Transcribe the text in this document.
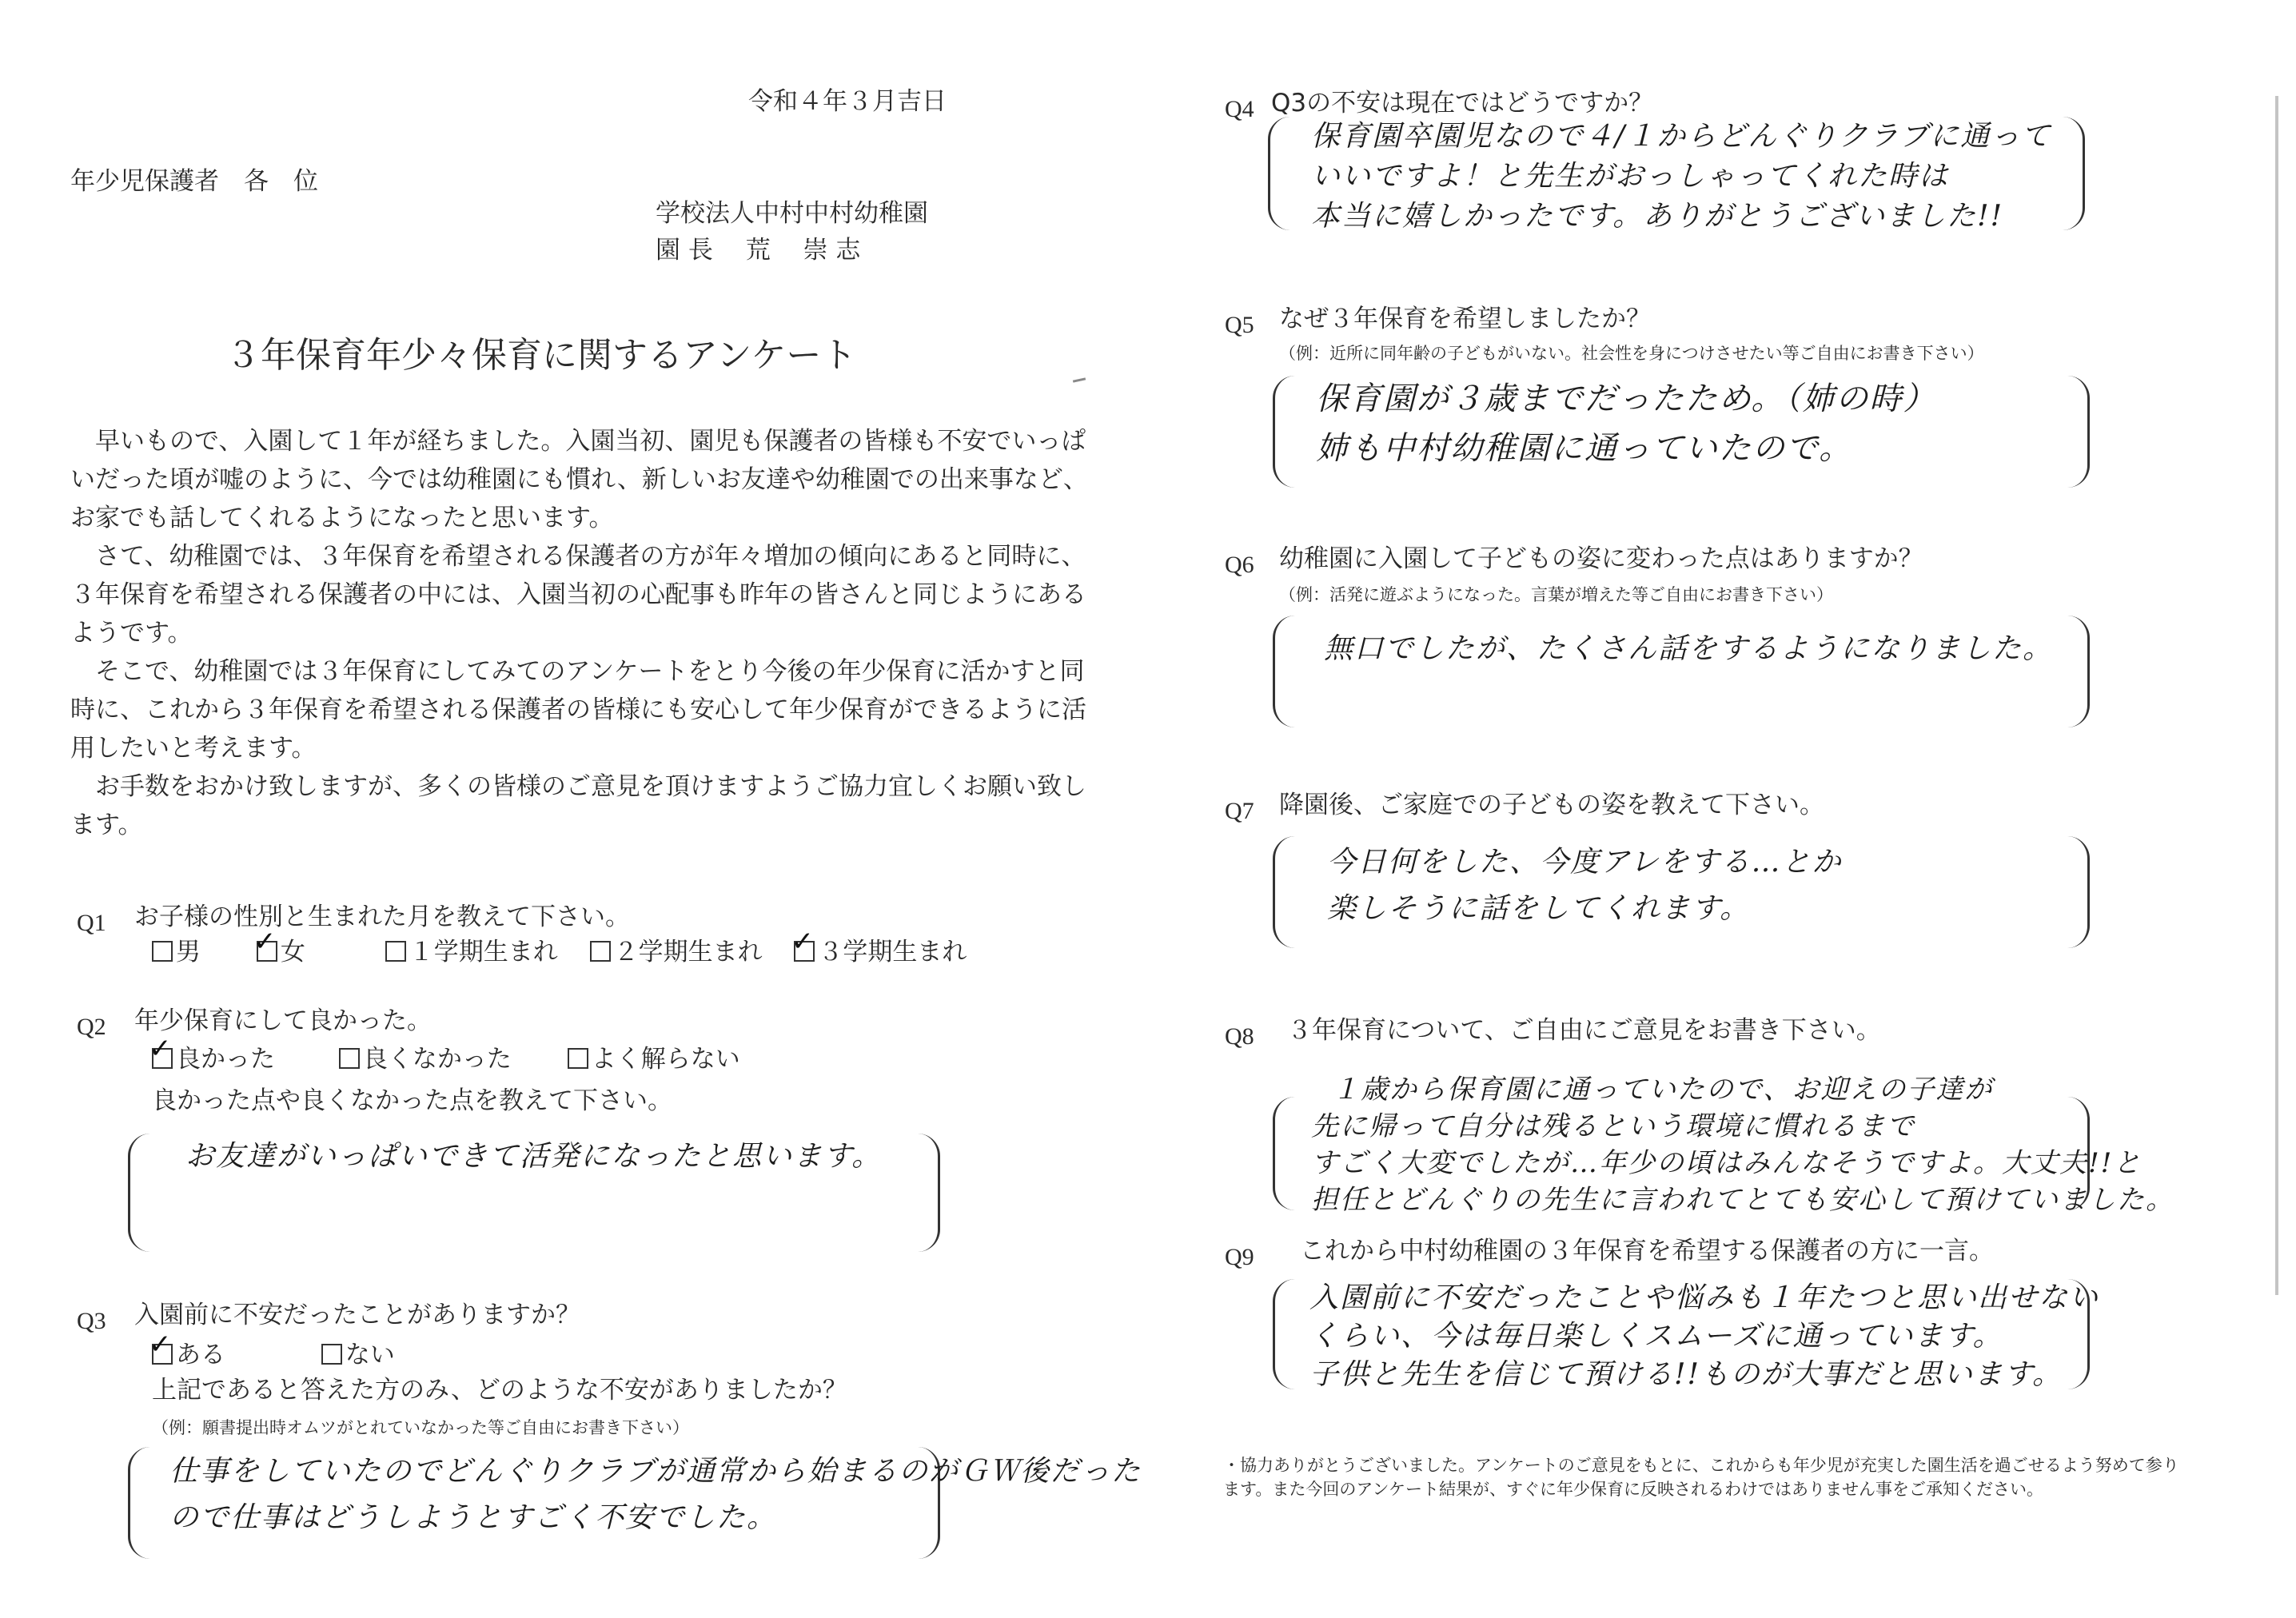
令和４年３月吉日
年少児保護者　各　位
学校法人中村中村幼稚園
園 長　 荒　 崇 志
３年保育年少々保育に関するアンケート
　早いもので、入園して１年が経ちました。入園当初、園児も保護者の皆様も不安でいっぱ
いだった頃が嘘のように、今では幼稚園にも慣れ、新しいお友達や幼稚園での出来事など、
お家でも話してくれるようになったと思います。
　さて、幼稚園では、３年保育を希望される保護者の方が年々増加の傾向にあると同時に、
３年保育を希望される保護者の中には、入園当初の心配事も昨年の皆さんと同じようにある
ようです。
　そこで、幼稚園では３年保育にしてみてのアンケートをとり今後の年少保育に活かすと同
時に、これから３年保育を希望される保護者の皆様にも安心して年少保育ができるように活
用したいと考えます。
　お手数をおかけ致しますが、多くの皆様のご意見を頂けますようご協力宜しくお願い致し
ます。
Q1 お子様の性別と生まれた月を教えて下さい。
男 ✓ 女	１学期生まれ ２学期生まれ ✓ ３学期生まれ
Q2 年少保育にして良かった。
✓ 良かった	良くなかった	よく解らない
良かった点や良くなかった点を教えて下さい。
お友達がいっぱいできて活発になったと思います。
Q3 入園前に不安だったことがありますか？
✓ ある	ない
上記であると答えた方のみ、どのような不安がありましたか？
（例：願書提出時オムツがとれていなかった等ご自由にお書き下さい）
仕事をしていたのでどんぐりクラブが通常から始まるのがＧＷ後だった
ので仕事はどうしようとすごく不安でした。
Q4 Q3の不安は現在ではどうですか？
保育園卒園児なので４/１からどんぐりクラブに通って
いいですよ！と先生がおっしゃってくれた時は
本当に嬉しかったです。ありがとうございました!!
Q5 なぜ３年保育を希望しましたか？
（例：近所に同年齢の子どもがいない。社会性を身につけさせたい等ご自由にお書き下さい）
保育園が３歳までだったため。（姉の時）
姉も中村幼稚園に通っていたので。
Q6 幼稚園に入園して子どもの姿に変わった点はありますか？
（例：活発に遊ぶようになった。言葉が増えた等ご自由にお書き下さい）
無口でしたが、たくさん話をするようになりました。
Q7 降園後、ご家庭での子どもの姿を教えて下さい。
今日何をした、今度アレをする…とか
楽しそうに話をしてくれます。
Q8 ３年保育について、ご自由にご意見をお書き下さい。
１歳から保育園に通っていたので、お迎えの子達が
先に帰って自分は残るという環境に慣れるまで
すごく大変でしたが…年少の頃はみんなそうですよ。大丈夫!!と
担任とどんぐりの先生に言われてとても安心して預けていました。
Q9 これから中村幼稚園の３年保育を希望する保護者の方に一言。
入園前に不安だったことや悩みも１年たつと思い出せない
くらい、今は毎日楽しくスムーズに通っています。
子供と先生を信じて預ける!!ものが大事だと思います。
・協力ありがとうございました。アンケートのご意見をもとに、これからも年少児が充実した園生活を過ごせるよう努めて参り
ます。また今回のアンケート結果が、すぐに年少保育に反映されるわけではありません事をご承知ください。
